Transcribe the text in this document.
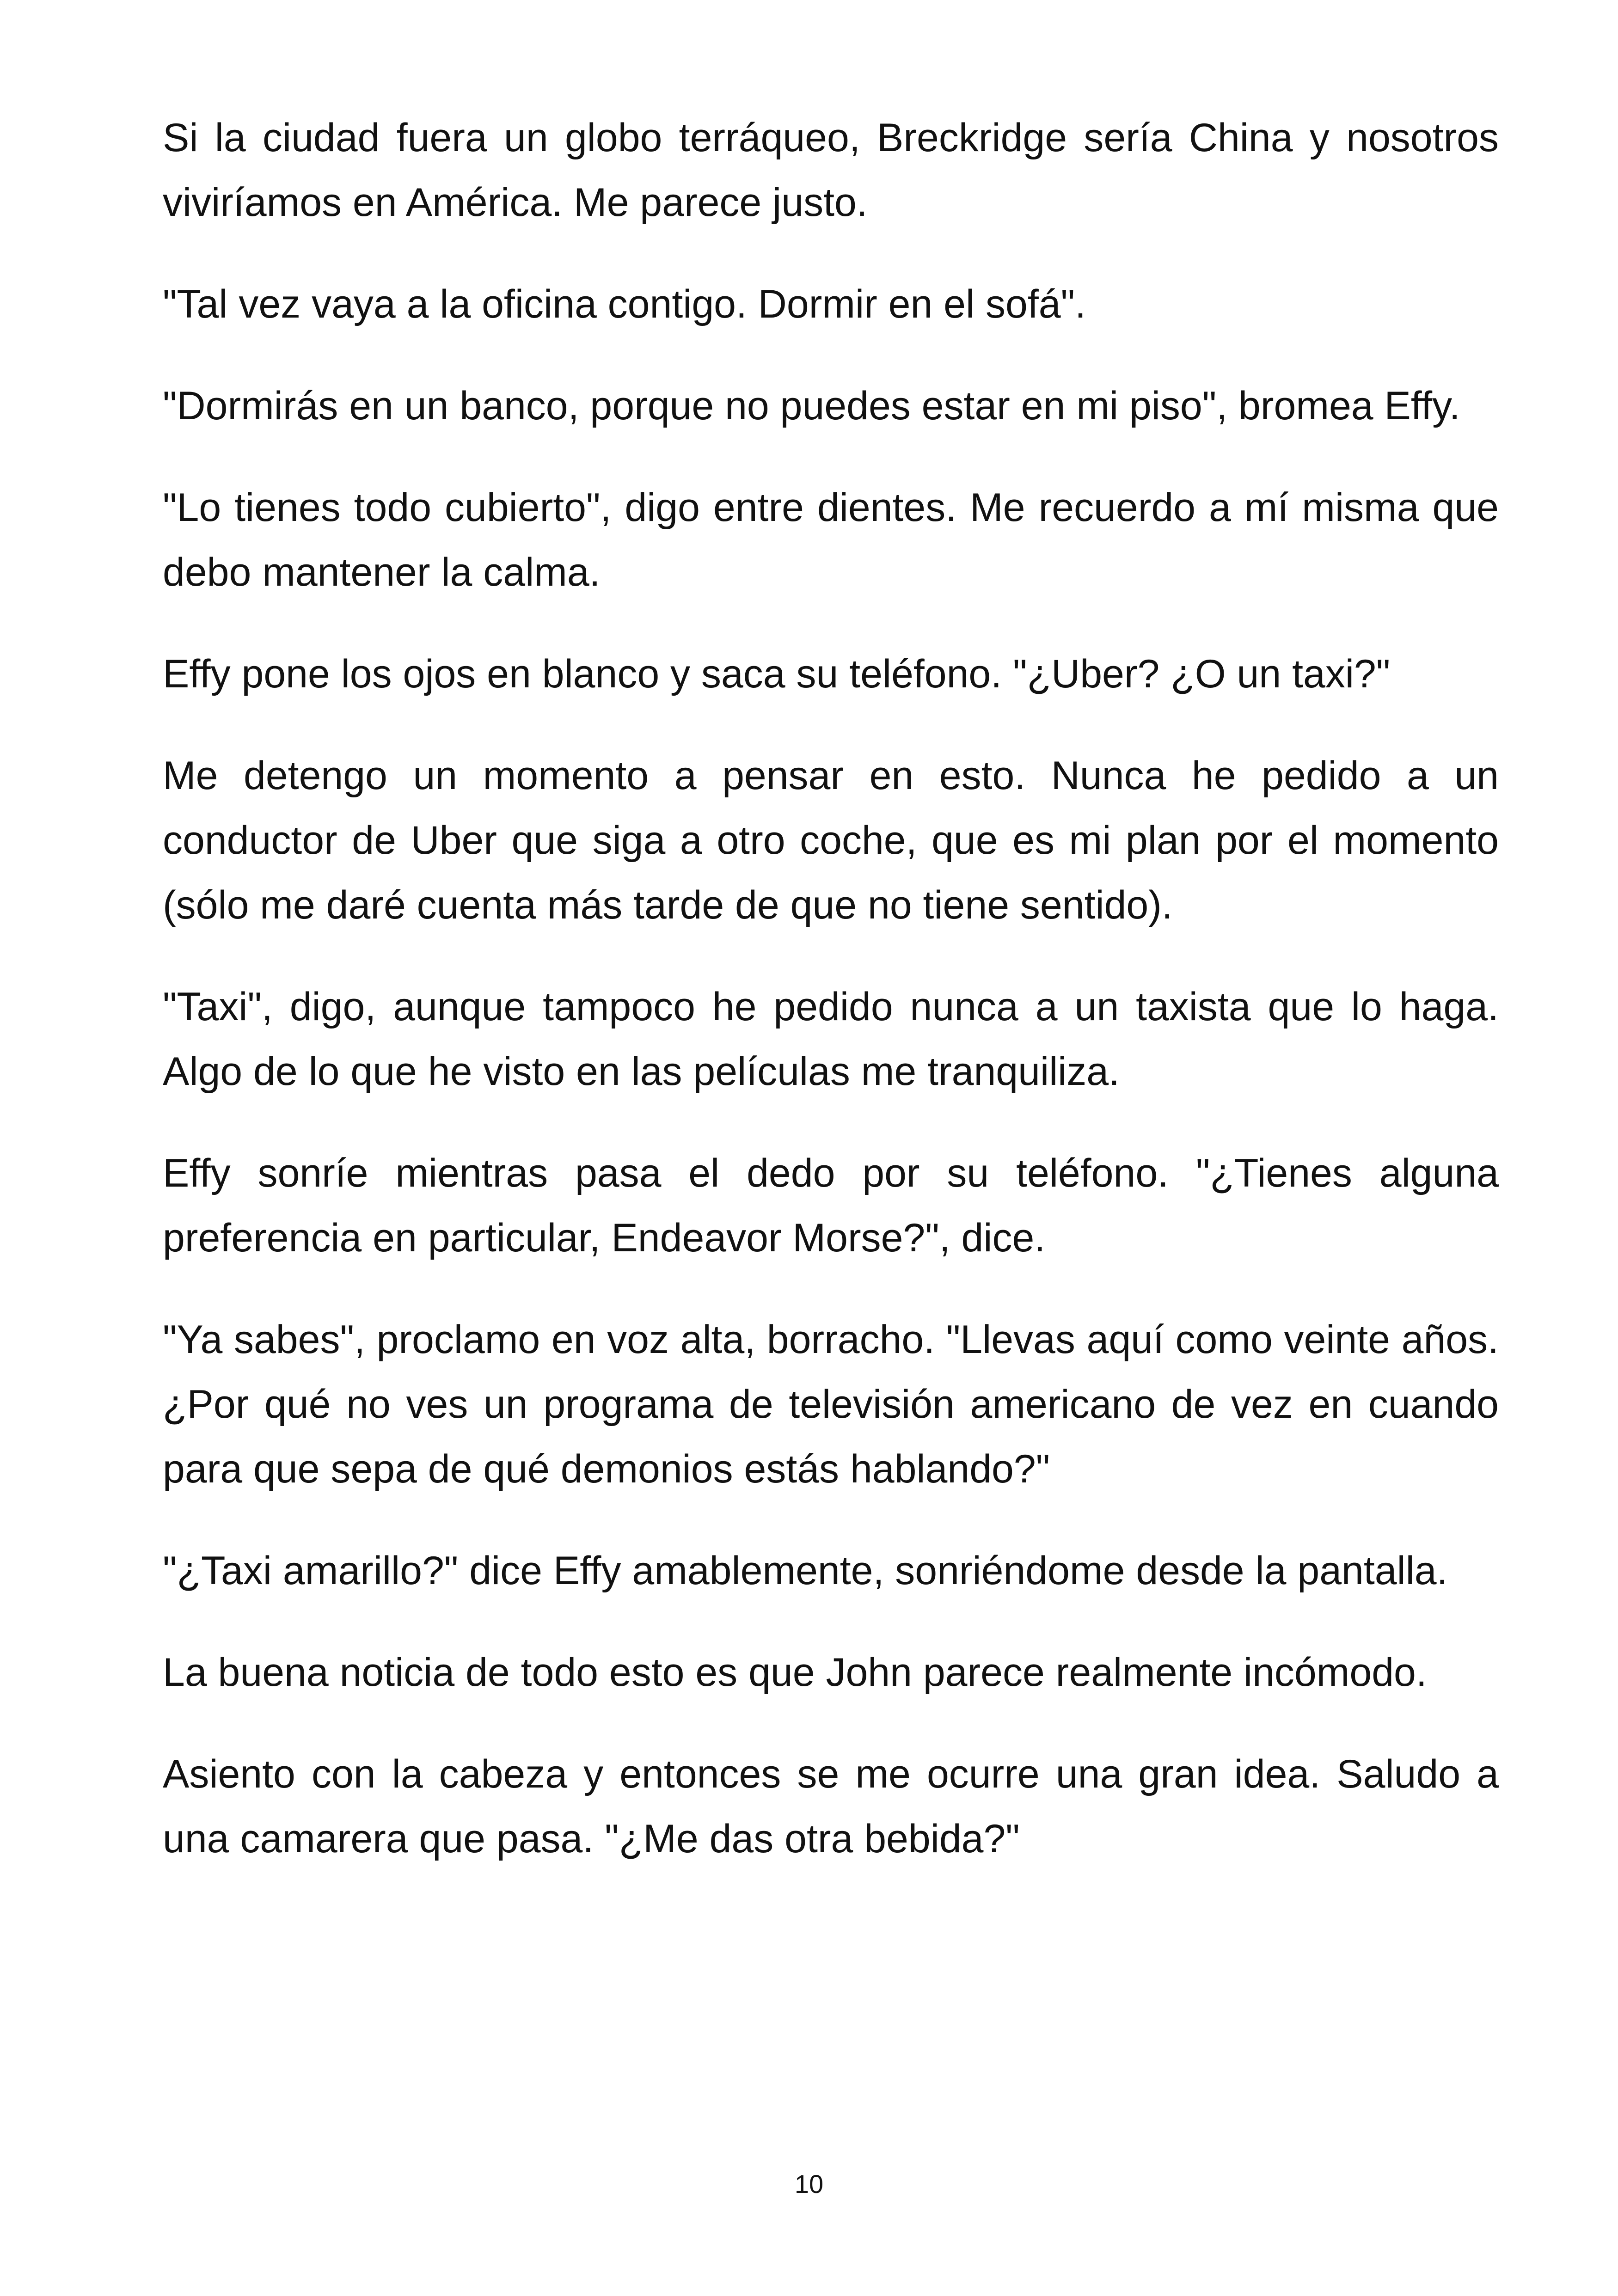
Si la ciudad fuera un globo terráqueo, Breckridge sería China y nosotros viviríamos en América. Me parece justo.

"Tal vez vaya a la oficina contigo. Dormir en el sofá".

"Dormirás en un banco, porque no puedes estar en mi piso", bromea Effy.

"Lo tienes todo cubierto", digo entre dientes. Me recuerdo a mí misma que debo mantener la calma.

Effy pone los ojos en blanco y saca su teléfono. "¿Uber? ¿O un taxi?"

Me detengo un momento a pensar en esto. Nunca he pedido a un conductor de Uber que siga a otro coche, que es mi plan por el momento (sólo me daré cuenta más tarde de que no tiene sentido).

"Taxi", digo, aunque tampoco he pedido nunca a un taxista que lo haga. Algo de lo que he visto en las películas me tranquiliza.

Effy sonríe mientras pasa el dedo por su teléfono. "¿Tienes alguna preferencia en particular, Endeavor Morse?", dice.

"Ya sabes", proclamo en voz alta, borracho. "Llevas aquí como veinte años. ¿Por qué no ves un programa de televisión americano de vez en cuando para que sepa de qué demonios estás hablando?"

"¿Taxi amarillo?" dice Effy amablemente, sonriéndome desde la pantalla.

La buena noticia de todo esto es que John parece realmente incómodo.

Asiento con la cabeza y entonces se me ocurre una gran idea. Saludo a una camarera que pasa. "¿Me das otra bebida?"

10
